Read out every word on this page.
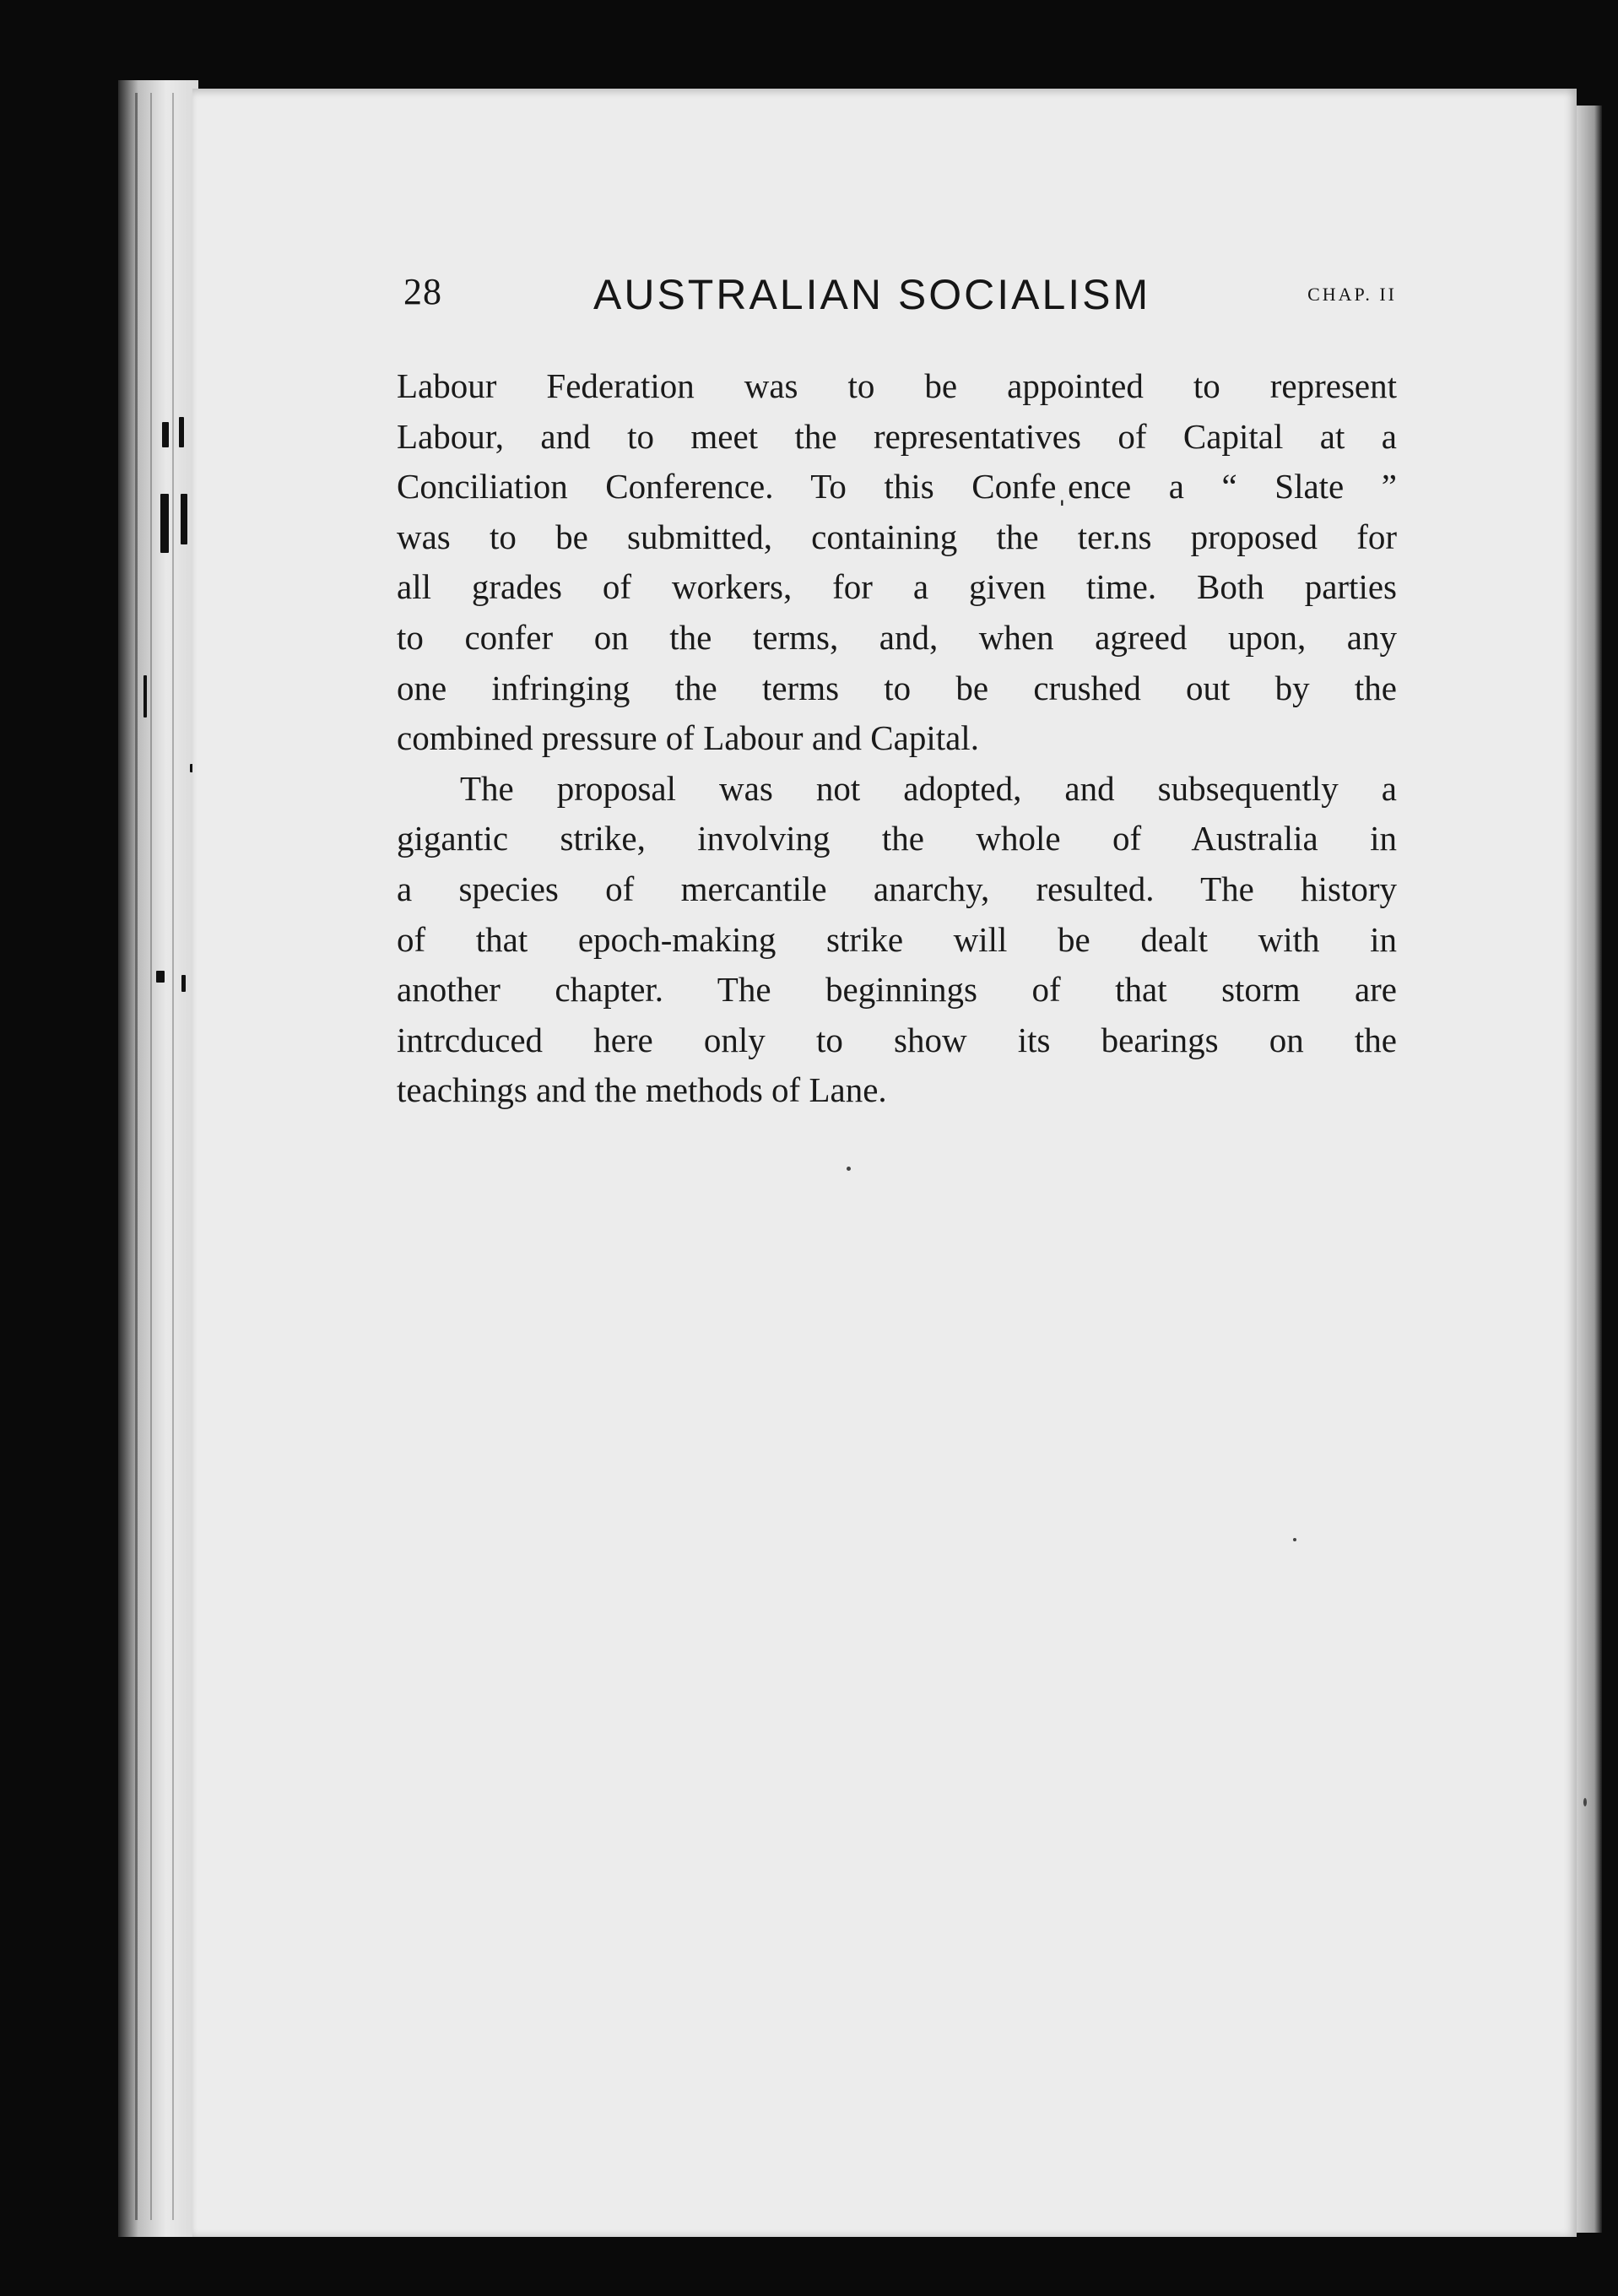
28	AUSTRALIAN SOCIALISM	CHAP. II
Labour Federation was to be appointed to represent
Labour, and to meet the representatives of Capital at a
Conciliation Conference. To this Confeˌence a “ Slate ”
was to be submitted, containing the ter.ns proposed for
all grades of workers, for a given time. Both parties
to confer on the terms, and, when agreed upon, any
one infringing the terms to be crushed out by the
combined pressure of Labour and Capital.
The proposal was not adopted, and subsequently a
gigantic strike, involving the whole of Australia in
a species of mercantile anarchy, resulted. The history
of that epoch-making strike will be dealt with in
another chapter. The beginnings of that storm are
intrcduced here only to show its bearings on the
teachings and the methods of Lane.
